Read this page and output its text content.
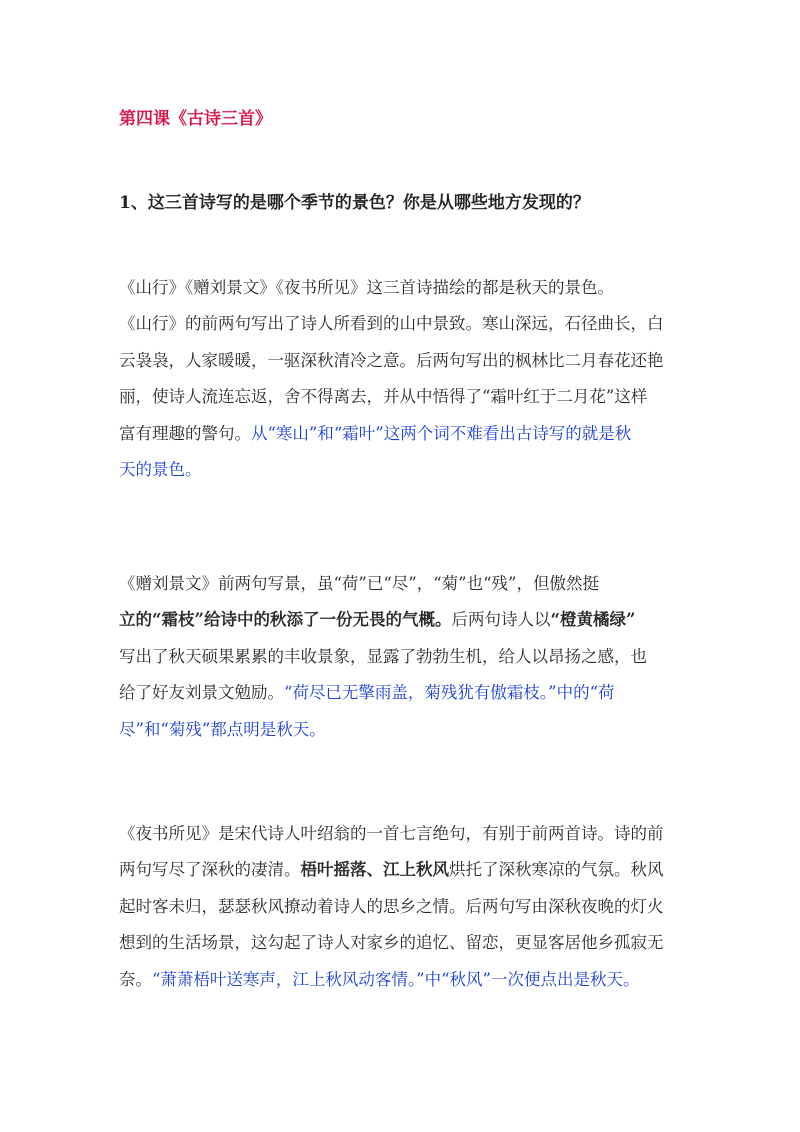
第四课《古诗三首》
1、这三首诗写的是哪个季节的景色？你是从哪些地方发现的？
《山行》《赠刘景文》《夜书所见》这三首诗描绘的都是秋天的景色。
《山行》的前两句写出了诗人所看到的山中景致。寒山深远，石径曲长，白
云袅袅，人家暖暖，一驱深秋清冷之意。后两句写出的枫林比二月春花还艳
丽，使诗人流连忘返，舍不得离去，并从中悟得了“霜叶红于二月花”这样
富有理趣的警句。从“寒山”和“霜叶”这两个词不难看出古诗写的就是秋
天的景色。
《赠刘景文》前两句写景，虽“荷”已“尽”，“菊”也“残”，但傲然挺
立的“霜枝”给诗中的秋添了一份无畏的气概。后两句诗人以“橙黄橘绿”
写出了秋天硕果累累的丰收景象，显露了勃勃生机，给人以昂扬之感，也
给了好友刘景文勉励。“荷尽已无擎雨盖，菊残犹有傲霜枝。”中的“荷
尽”和“菊残”都点明是秋天。
《夜书所见》是宋代诗人叶绍翁的一首七言绝句，有别于前两首诗。诗的前
两句写尽了深秋的凄清。梧叶摇落、江上秋风烘托了深秋寒凉的气氛。秋风
起时客未归，瑟瑟秋风撩动着诗人的思乡之情。后两句写由深秋夜晚的灯火
想到的生活场景，这勾起了诗人对家乡的追忆、留恋，更显客居他乡孤寂无
奈。“萧萧梧叶送寒声，江上秋风动客情。”中“秋风”一次便点出是秋天。
